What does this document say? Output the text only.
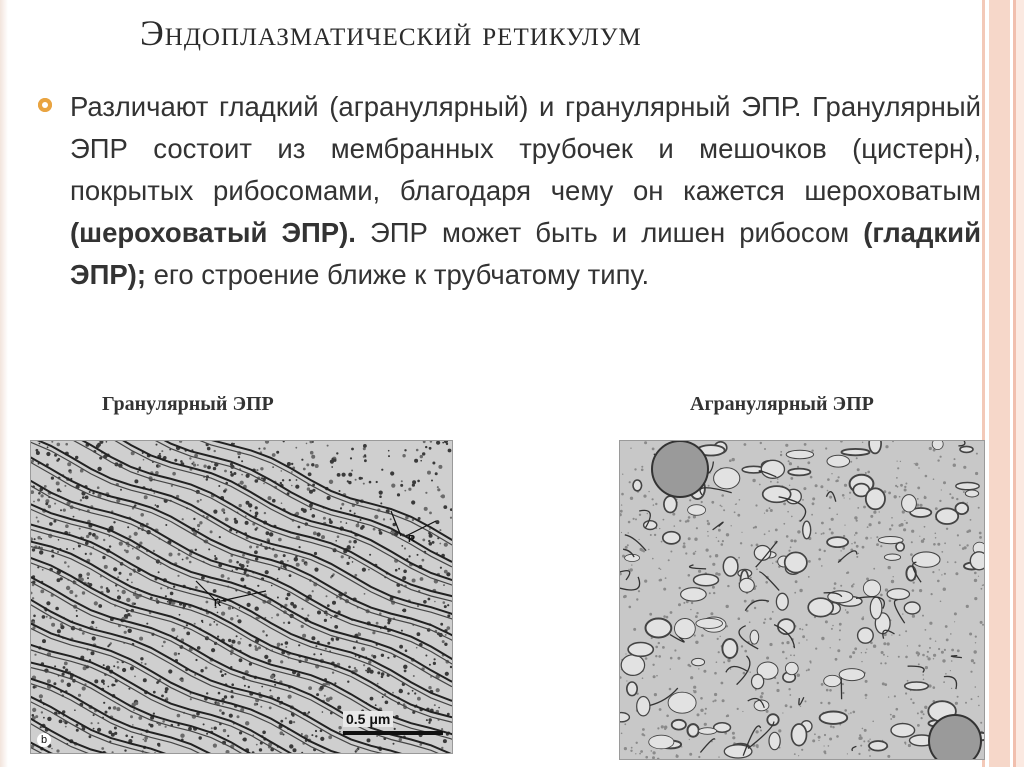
Эндоплазматический ретикулум
Различают гладкий (агранулярный) и гранулярный ЭПР. Гранулярный ЭПР состоит из мембранных трубочек и мешочков (цистерн), покрытых рибосомами, благодаря чему он кажется шероховатым (шероховатый ЭПР). ЭПР может быть и лишен рибосом (гладкий ЭПР); его строение ближе к трубчатому типу.
Гранулярный ЭПР	Агранулярный ЭПР
R
R
0.5 μm
b
